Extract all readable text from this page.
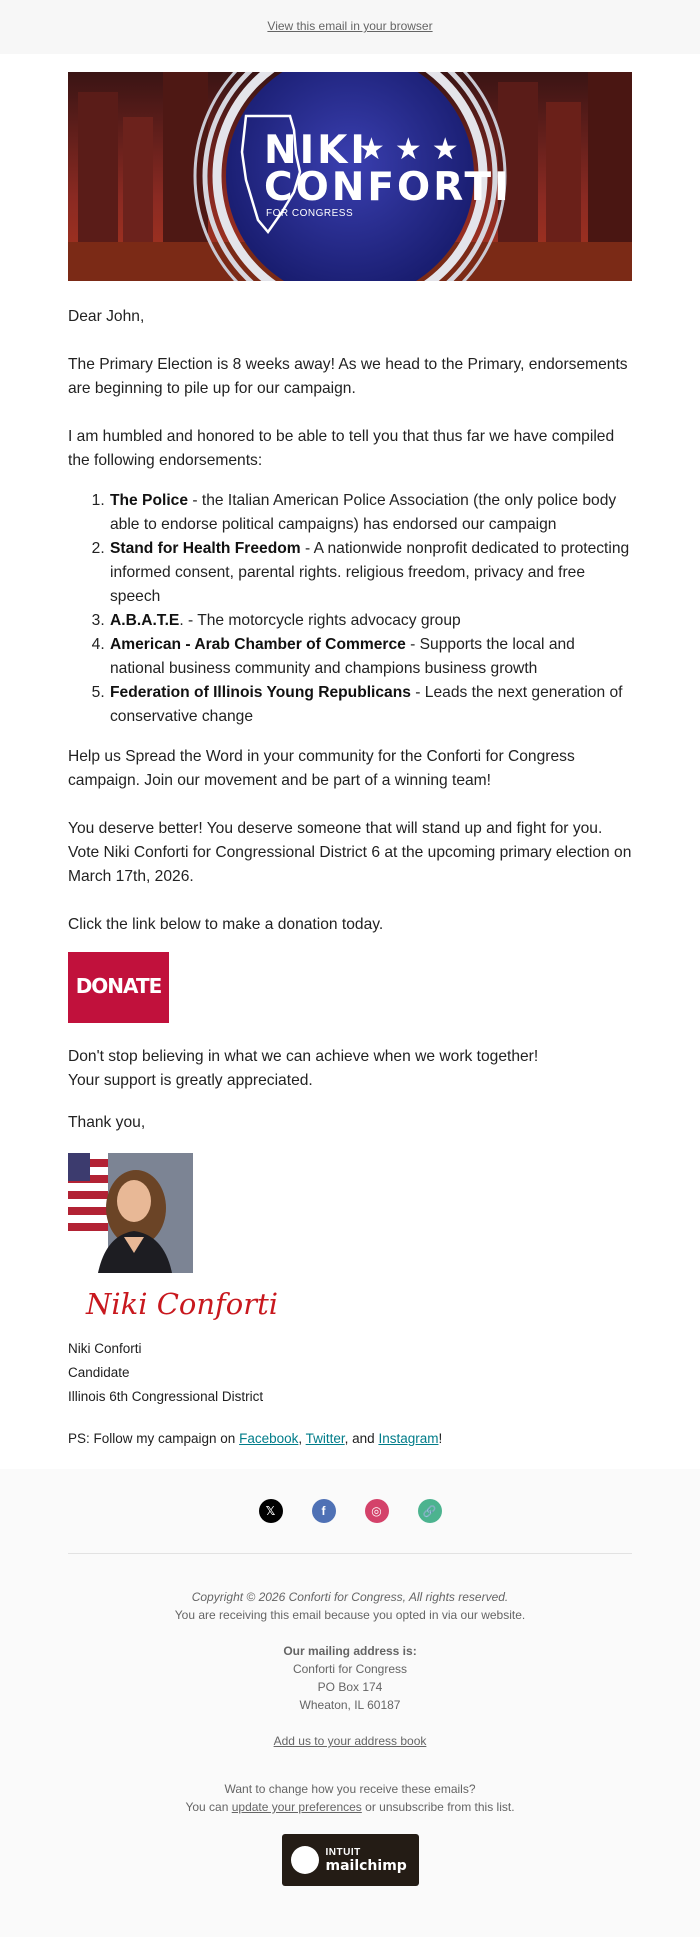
View this email in your browser
NIKI
CONFORTI
★★★
FOR CONGRESS

Dear John,

The Primary Election is 8 weeks away! As we head to the Primary, endorsements are beginning to pile up for our campaign.

I am humbled and honored to be able to tell you that thus far we have compiled the following endorsements:

1. The Police - the Italian American Police Association (the only police body able to endorse political campaigns) has endorsed our campaign
2. Stand for Health Freedom - A nationwide nonprofit dedicated to protecting informed consent, parental rights. religious freedom, privacy and free speech
3. A.B.A.T.E. - The motorcycle rights advocacy group
4. American - Arab Chamber of Commerce - Supports the local and national business community and champions business growth
5. Federation of Illinois Young Republicans - Leads the next generation of conservative change

Help us Spread the Word in your community for the Conforti for Congress campaign. Join our movement and be part of a winning team!

You deserve better! You deserve someone that will stand up and fight for you. Vote Niki Conforti for Congressional District 6 at the upcoming primary election on March 17th, 2026.

Click the link below to make a donation today.

DONATE

Don't stop believing in what we can achieve when we work together!

Your support is greatly appreciated.

Thank you,

Niki Conforti

Niki Conforti

Candidate

Illinois 6th Congressional District

PS: Follow my campaign on Facebook, Twitter, and Instagram!

𝕏	f	◎	🔗

Copyright © 2026 Conforti for Congress, All rights reserved.

You are receiving this email because you opted in via our website.

Our mailing address is:

Conforti for Congress

PO Box 174

Wheaton, IL 60187

Add us to your address book

Want to change how you receive these emails?

You can update your preferences or unsubscribe from this list.

INTUIT
mailchimp
